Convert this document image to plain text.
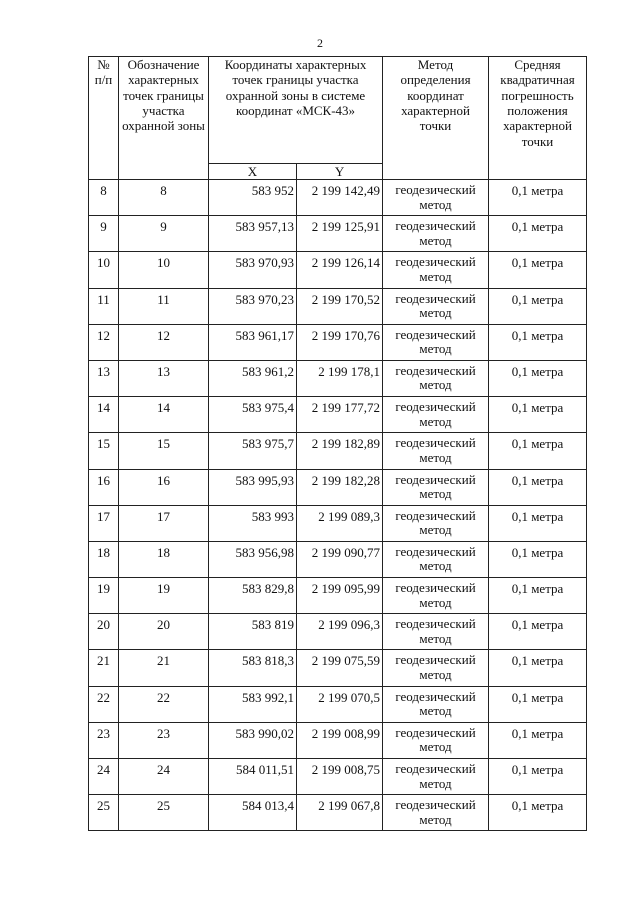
2
№ п/п	Обозначение характерных точек границы участка охранной зоны	Координаты характерных точек границы участка охранной зоны в системе координат «МСК-43»		Метод определения координат характерной точки	Средняя квадратичная погрешность положения характерной точки
		X	Y		
8	8	583 952	2 199 142,49	геодезический метод	0,1 метра
9	9	583 957,13	2 199 125,91	геодезический метод	0,1 метра
10	10	583 970,93	2 199 126,14	геодезический метод	0,1 метра
11	11	583 970,23	2 199 170,52	геодезический метод	0,1 метра
12	12	583 961,17	2 199 170,76	геодезический метод	0,1 метра
13	13	583 961,2	2 199 178,1	геодезический метод	0,1 метра
14	14	583 975,4	2 199 177,72	геодезический метод	0,1 метра
15	15	583 975,7	2 199 182,89	геодезический метод	0,1 метра
16	16	583 995,93	2 199 182,28	геодезический метод	0,1 метра
17	17	583 993	2 199 089,3	геодезический метод	0,1 метра
18	18	583 956,98	2 199 090,77	геодезический метод	0,1 метра
19	19	583 829,8	2 199 095,99	геодезический метод	0,1 метра
20	20	583 819	2 199 096,3	геодезический метод	0,1 метра
21	21	583 818,3	2 199 075,59	геодезический метод	0,1 метра
22	22	583 992,1	2 199 070,5	геодезический метод	0,1 метра
23	23	583 990,02	2 199 008,99	геодезический метод	0,1 метра
24	24	584 011,51	2 199 008,75	геодезический метод	0,1 метра
25	25	584 013,4	2 199 067,8	геодезический метод	0,1 метра
